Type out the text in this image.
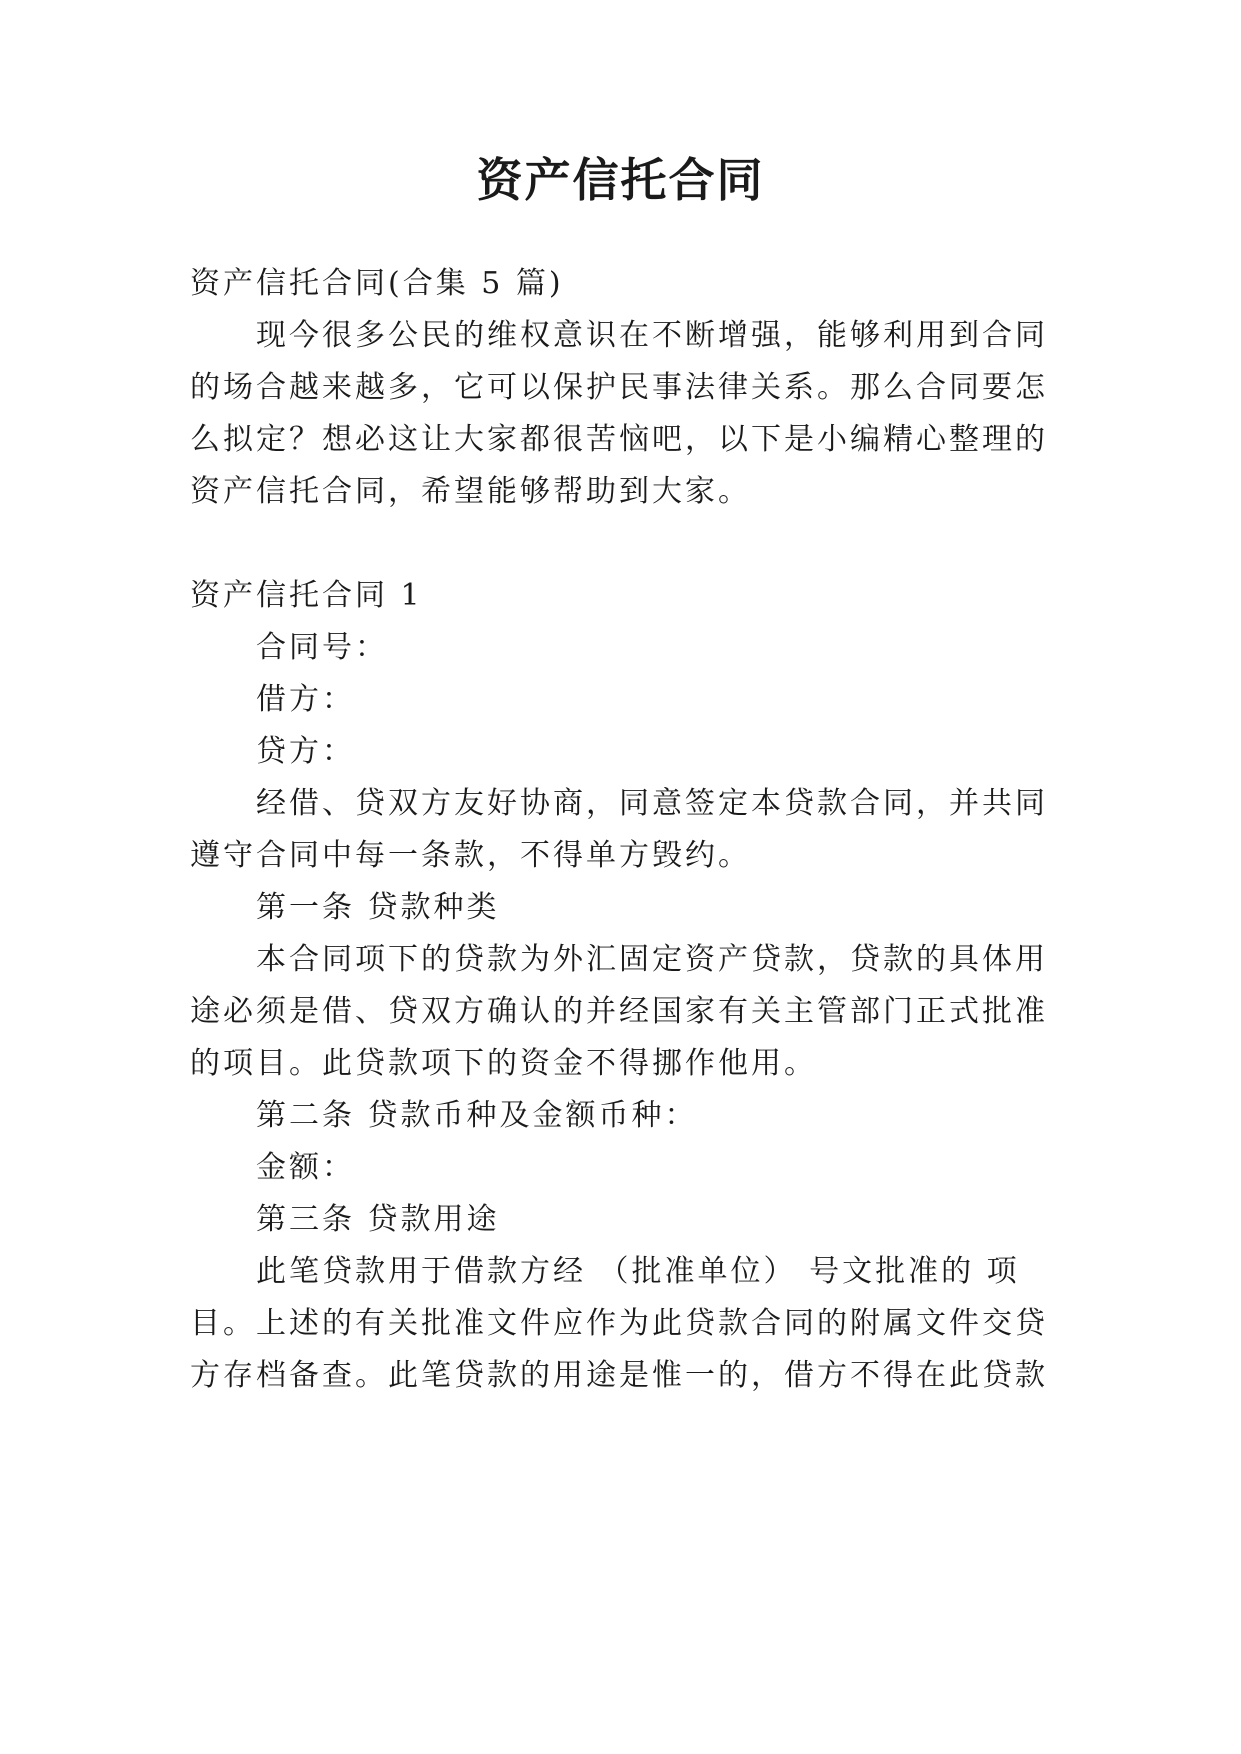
资产信托合同
资产信托合同(合集 5 篇)
现今很多公民的维权意识在不断增强，能够利用到合同
的场合越来越多，它可以保护民事法律关系。那么合同要怎
么拟定？想必这让大家都很苦恼吧，以下是小编精心整理的
资产信托合同，希望能够帮助到大家。
资产信托合同 1
合同号：
借方：
贷方：
经借、贷双方友好协商，同意签定本贷款合同，并共同
遵守合同中每一条款，不得单方毁约。
第一条 贷款种类
本合同项下的贷款为外汇固定资产贷款，贷款的具体用
途必须是借、贷双方确认的并经国家有关主管部门正式批准
的项目。此贷款项下的资金不得挪作他用。
第二条 贷款币种及金额币种：
金额：
第三条 贷款用途
此笔贷款用于借款方经 （批准单位） 号文批准的 项
目。上述的有关批准文件应作为此贷款合同的附属文件交贷
方存档备查。此笔贷款的用途是惟一的，借方不得在此贷款
